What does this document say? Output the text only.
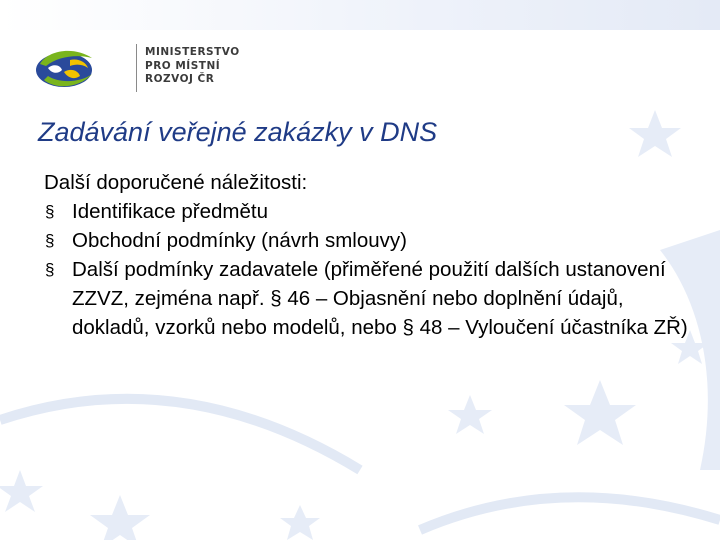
MINISTERSTVO
PRO MÍSTNÍ
ROZVOJ ČR
Zadávání veřejné zakázky v DNS
Další doporučené náležitosti:
§ Identifikace předmětu
§ Obchodní podmínky (návrh smlouvy)
§ Další podmínky zadavatele (přiměřené použití dalších ustanovení ZZVZ, zejména např. § 46 – Objasnění nebo doplnění údajů, dokladů, vzorků nebo modelů, nebo § 48 – Vyloučení účastníka ZŘ)
